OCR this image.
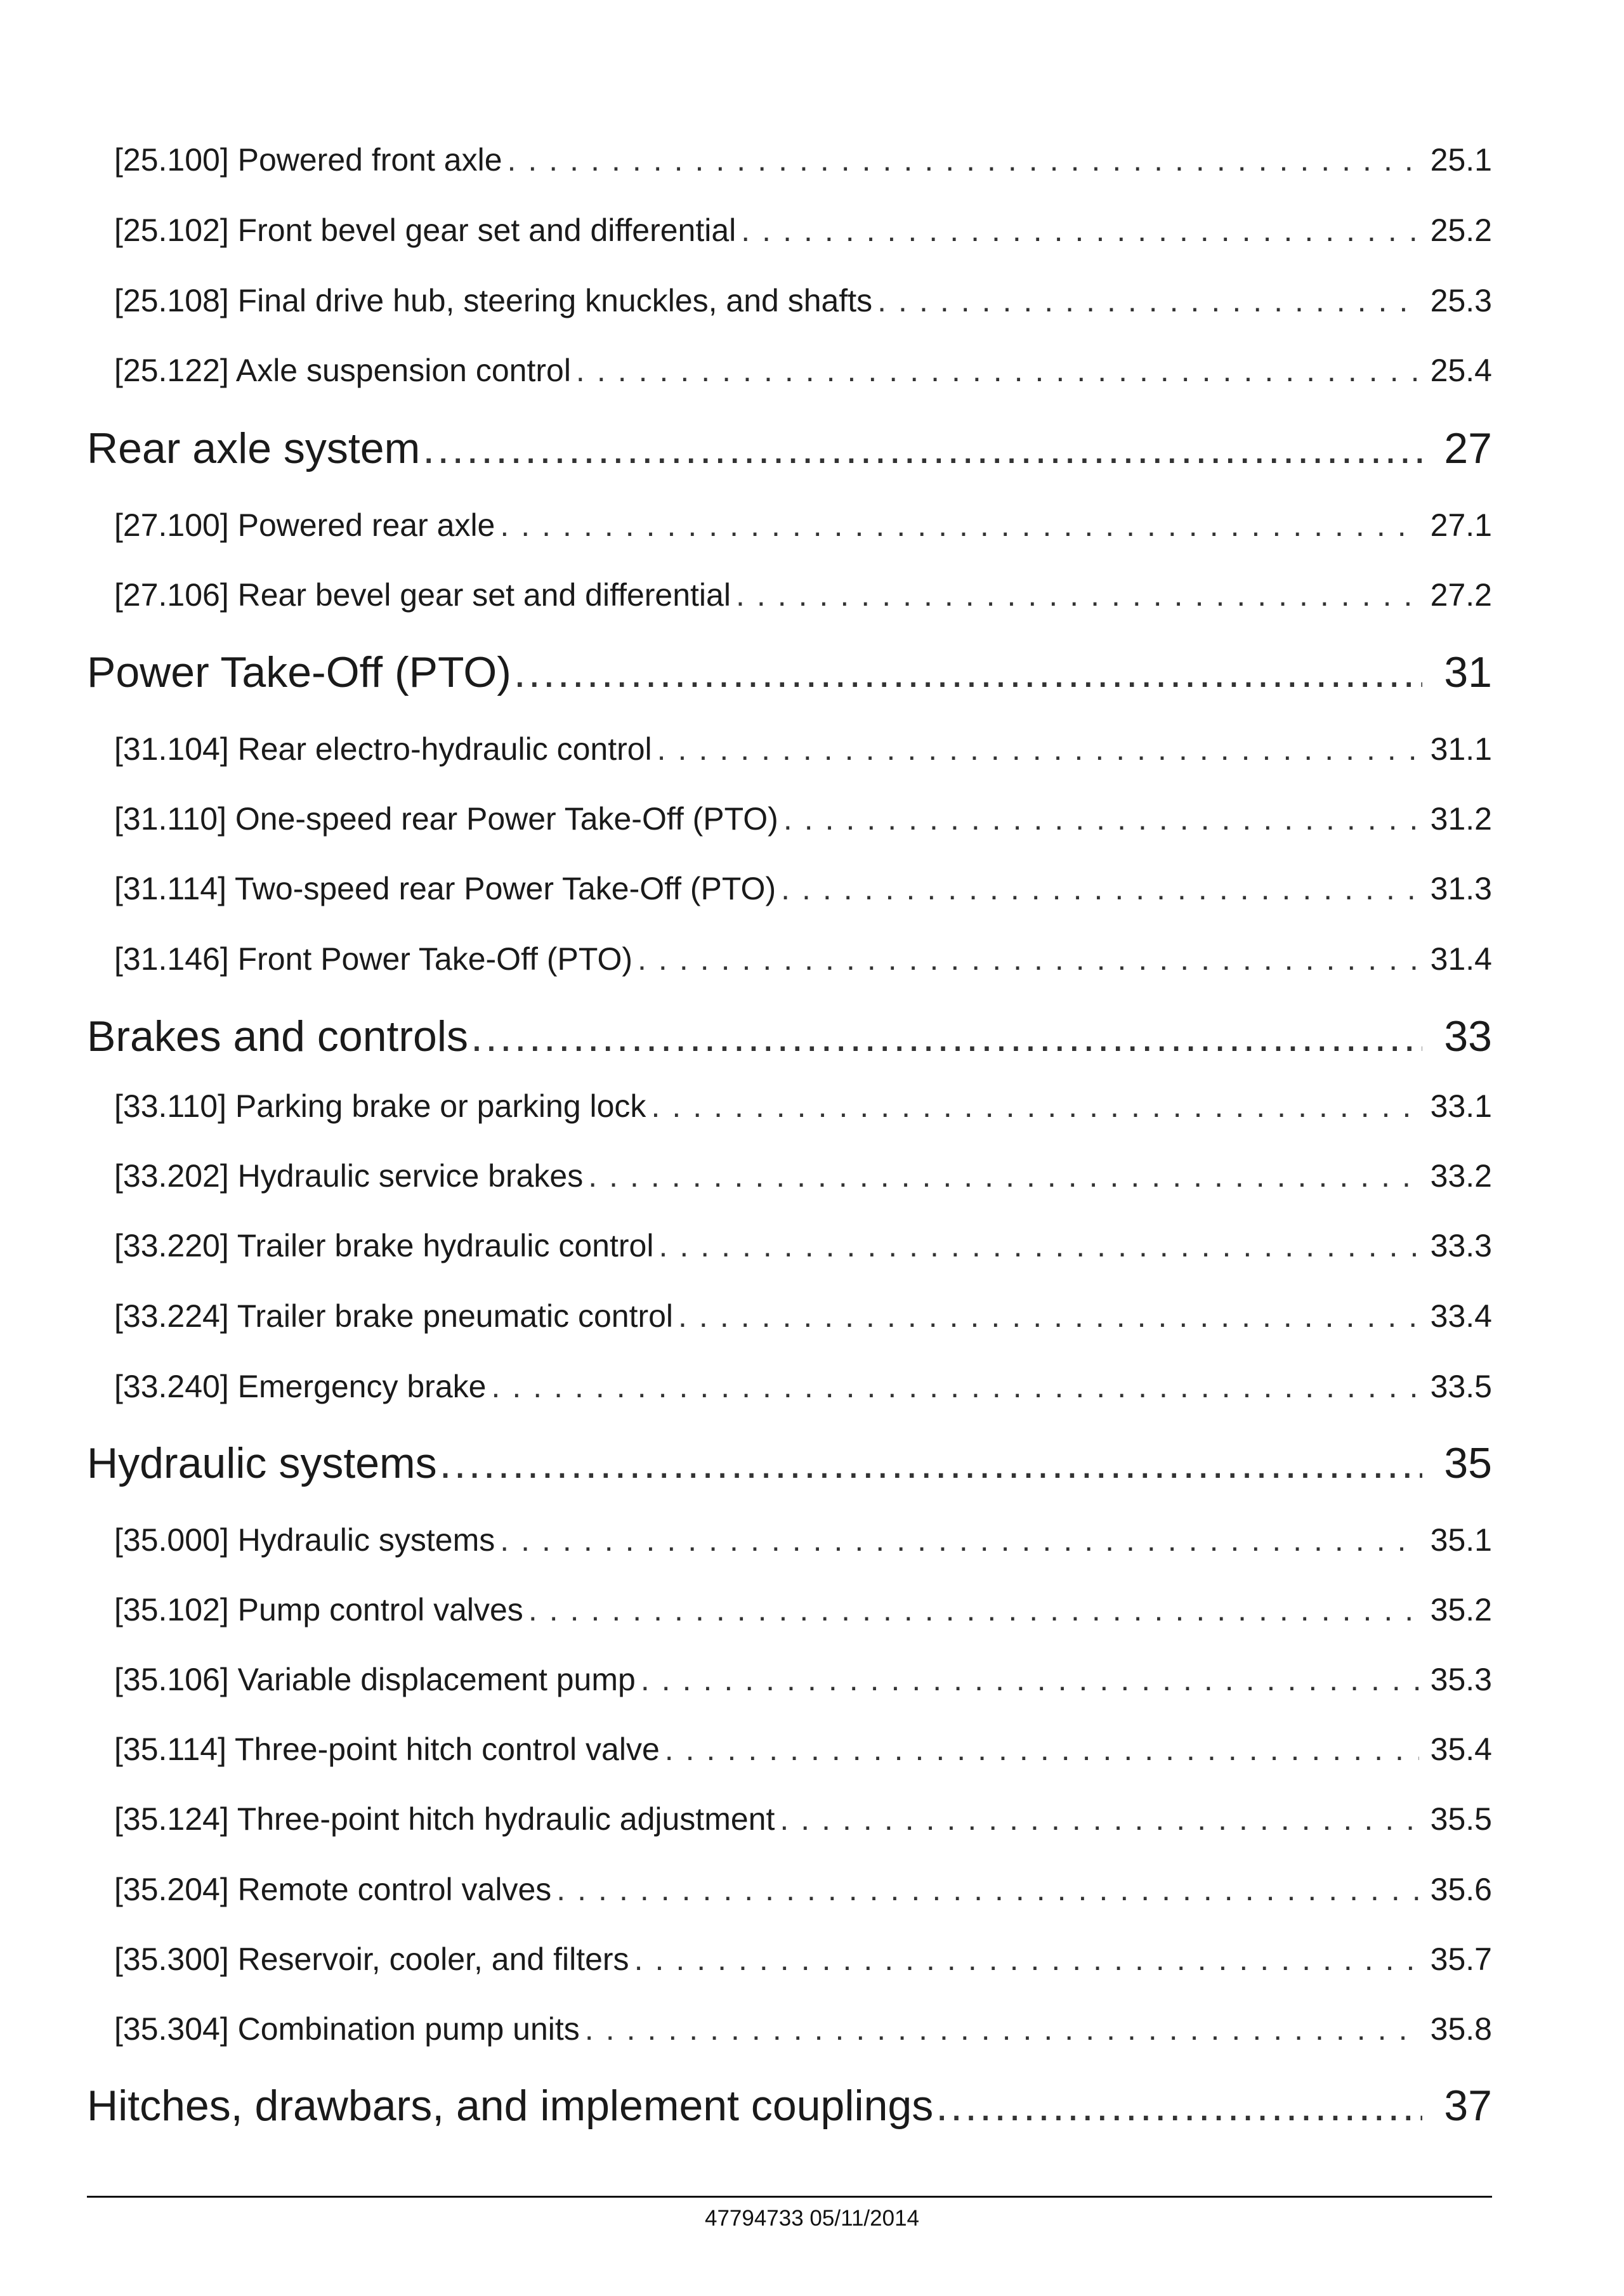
[25.100] Powered front axle .....	25.1
[25.102] Front bevel gear set and differential .....	25.2
[25.108] Final drive hub, steering knuckles, and shafts .....	25.3
[25.122] Axle suspension control .....	25.4
Rear axle system .....	27
[27.100] Powered rear axle .....	27.1
[27.106] Rear bevel gear set and differential .....	27.2
Power Take-Off (PTO) .....	31
[31.104] Rear electro-hydraulic control .....	31.1
[31.110] One-speed rear Power Take-Off (PTO) .....	31.2
[31.114] Two-speed rear Power Take-Off (PTO) .....	31.3
[31.146] Front Power Take-Off (PTO) .....	31.4
Brakes and controls .....	33
[33.110] Parking brake or parking lock .....	33.1
[33.202] Hydraulic service brakes .....	33.2
[33.220] Trailer brake hydraulic control .....	33.3
[33.224] Trailer brake pneumatic control .....	33.4
[33.240] Emergency brake .....	33.5
Hydraulic systems .....	35
[35.000] Hydraulic systems .....	35.1
[35.102] Pump control valves .....	35.2
[35.106] Variable displacement pump .....	35.3
[35.114] Three-point hitch control valve .....	35.4
[35.124] Three-point hitch hydraulic adjustment .....	35.5
[35.204] Remote control valves .....	35.6
[35.300] Reservoir, cooler, and filters .....	35.7
[35.304] Combination pump units .....	35.8
Hitches, drawbars, and implement couplings .....	37
47794733 05/11/2014
